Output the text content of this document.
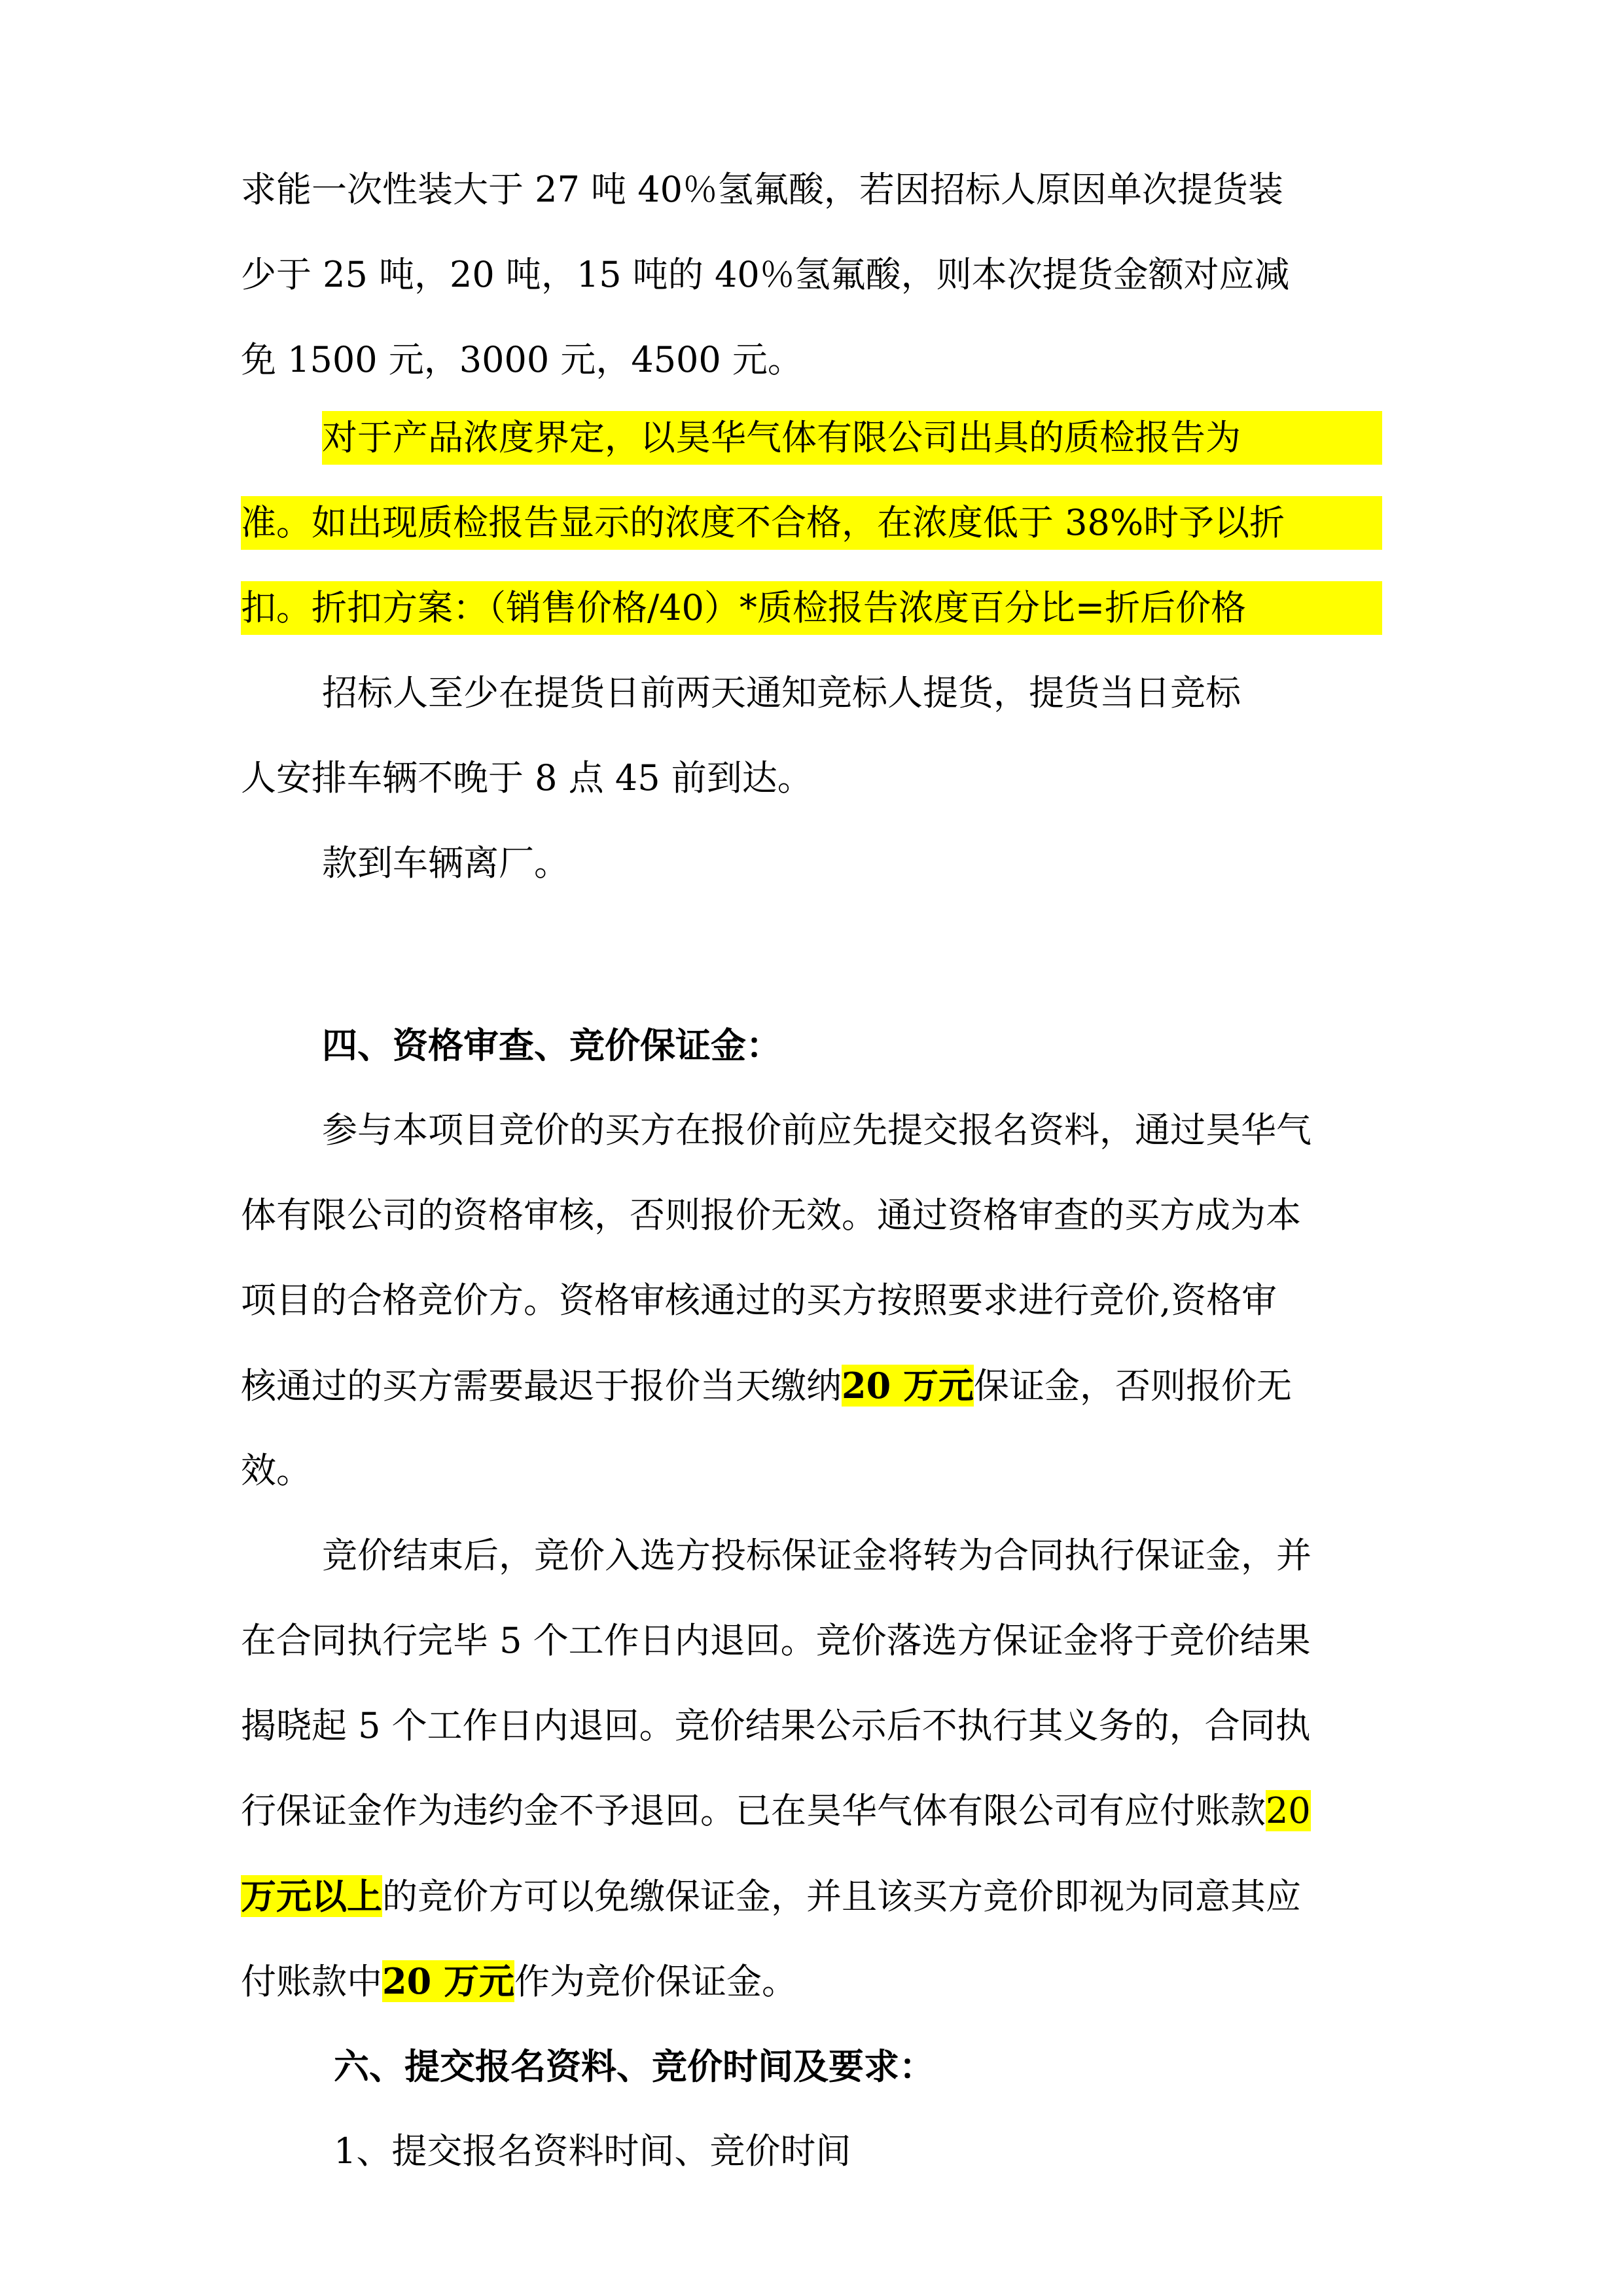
求能一次性装大于 27 吨 40％氢氟酸，若因招标人原因单次提货装
少于 25 吨，20 吨，15 吨的 40％氢氟酸，则本次提货金额对应减
免 1500 元，3000 元，4500 元。
对于产品浓度界定，以昊华气体有限公司出具的质检报告为
准。如出现质检报告显示的浓度不合格，在浓度低于 38%时予以折
扣。折扣方案：（销售价格/40）*质检报告浓度百分比=折后价格
招标人至少在提货日前两天通知竞标人提货，提货当日竞标
人安排车辆不晚于 8 点 45 前到达。
款到车辆离厂。
四、资格审查、竞价保证金：
参与本项目竞价的买方在报价前应先提交报名资料，通过昊华气
体有限公司的资格审核，否则报价无效。通过资格审查的买方成为本
项目的合格竞价方。资格审核通过的买方按照要求进行竞价,资格审
核通过的买方需要最迟于报价当天缴纳20 万元保证金，否则报价无
效。
竞价结束后，竞价入选方投标保证金将转为合同执行保证金，并
在合同执行完毕 5 个工作日内退回。竞价落选方保证金将于竞价结果
揭晓起 5 个工作日内退回。竞价结果公示后不执行其义务的，合同执
行保证金作为违约金不予退回。已在昊华气体有限公司有应付账款20
万元以上的竞价方可以免缴保证金，并且该买方竞价即视为同意其应
付账款中20 万元作为竞价保证金。
六、提交报名资料、竞价时间及要求：
1、提交报名资料时间、竞价时间
